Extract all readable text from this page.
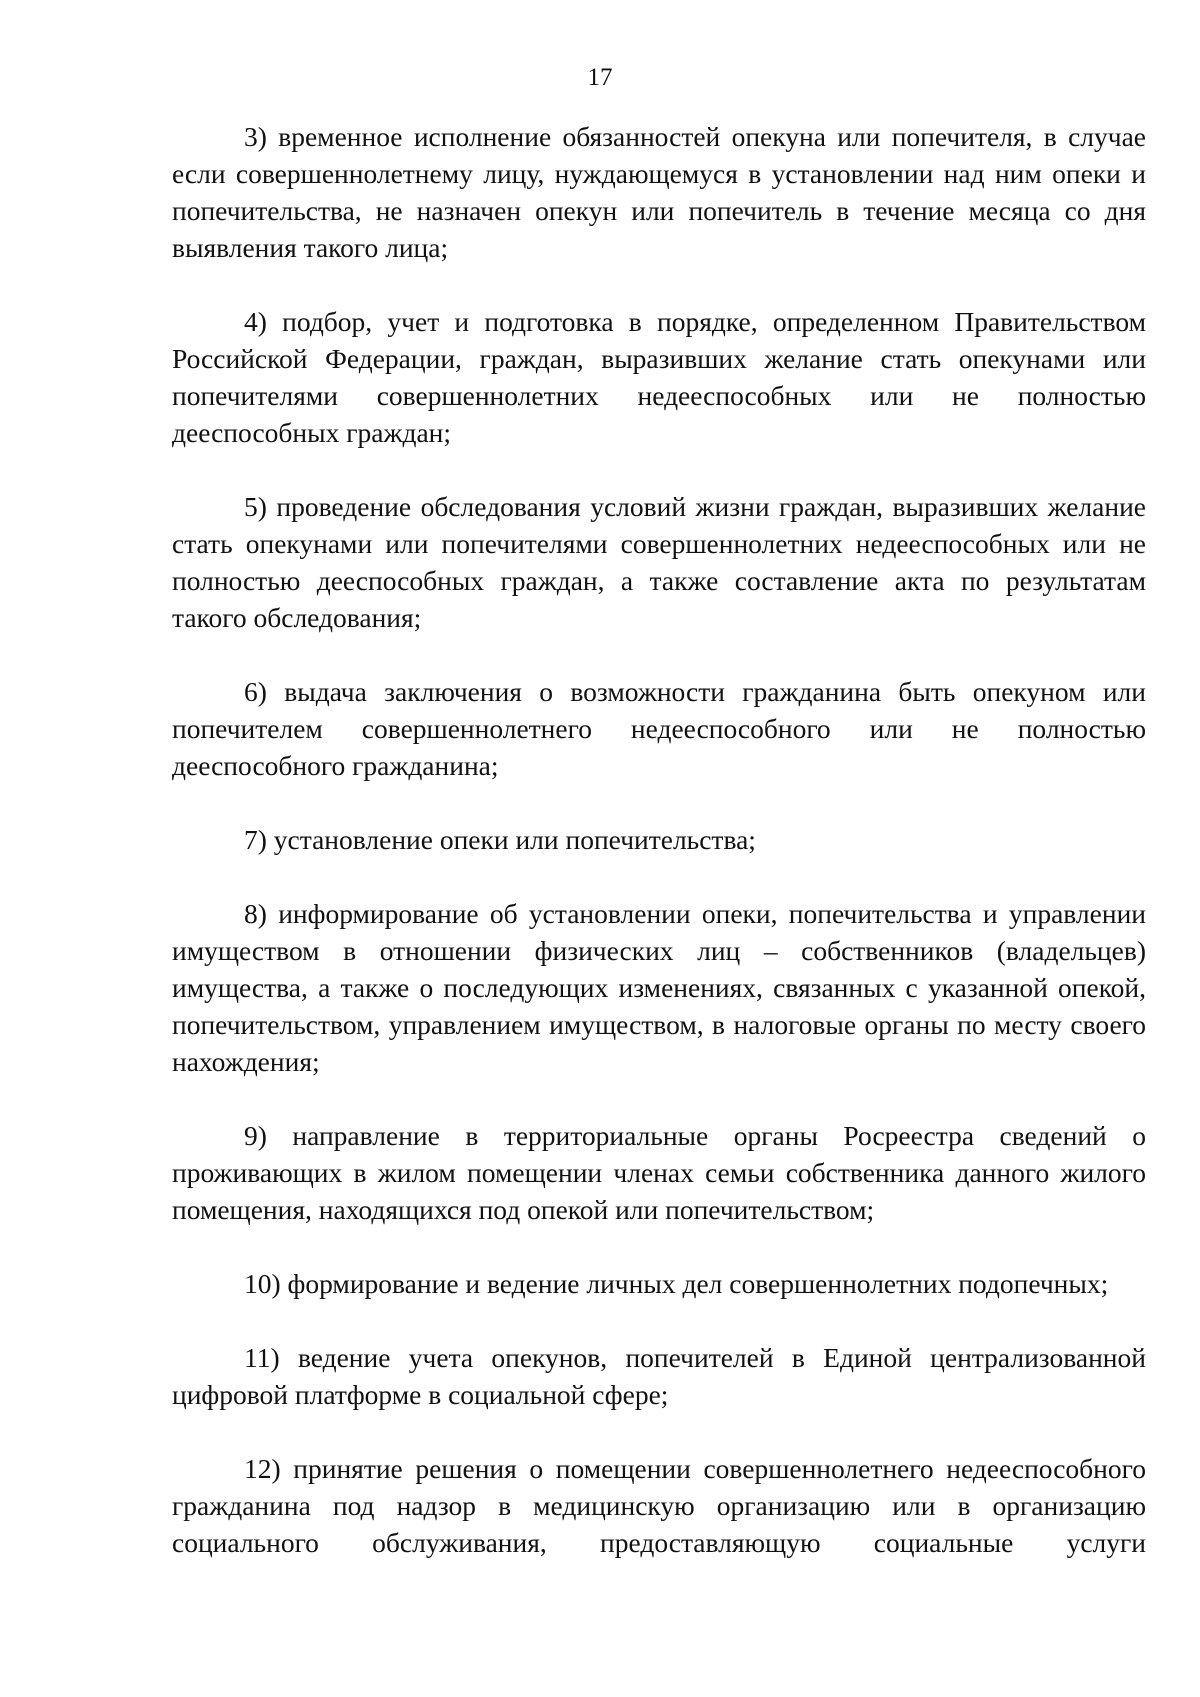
17

3) временное исполнение обязанностей опекуна или попечителя, в случае если совершеннолетнему лицу, нуждающемуся в установлении над ним опеки и попечительства, не назначен опекун или попечитель в течение месяца со дня выявления такого лица;

4) подбор, учет и подготовка в порядке, определенном Правительством Российской Федерации, граждан, выразивших желание стать опекунами или попечителями совершеннолетних недееспособных или не полностью дееспособных граждан;

5) проведение обследования условий жизни граждан, выразивших желание стать опекунами или попечителями совершеннолетних недееспособных или не полностью дееспособных граждан, а также составление акта по результатам такого обследования;

6) выдача заключения о возможности гражданина быть опекуном или попечителем совершеннолетнего недееспособного или не полностью дееспособного гражданина;

7) установление опеки или попечительства;

8) информирование об установлении опеки, попечительства и управлении имуществом в отношении физических лиц – собственников (владельцев) имущества, а также о последующих изменениях, связанных с указанной опекой, попечительством, управлением имуществом, в налоговые органы по месту своего нахождения;

9) направление в территориальные органы Росреестра сведений о проживающих в жилом помещении членах семьи собственника данного жилого помещения, находящихся под опекой или попечительством;

10) формирование и ведение личных дел совершеннолетних подопечных;

11) ведение учета опекунов, попечителей в Единой централизованной цифровой платформе в социальной сфере;

12) принятие решения о помещении совершеннолетнего недееспособного гражданина под надзор в медицинскую организацию или в организацию социального обслуживания, предоставляющую социальные услуги
